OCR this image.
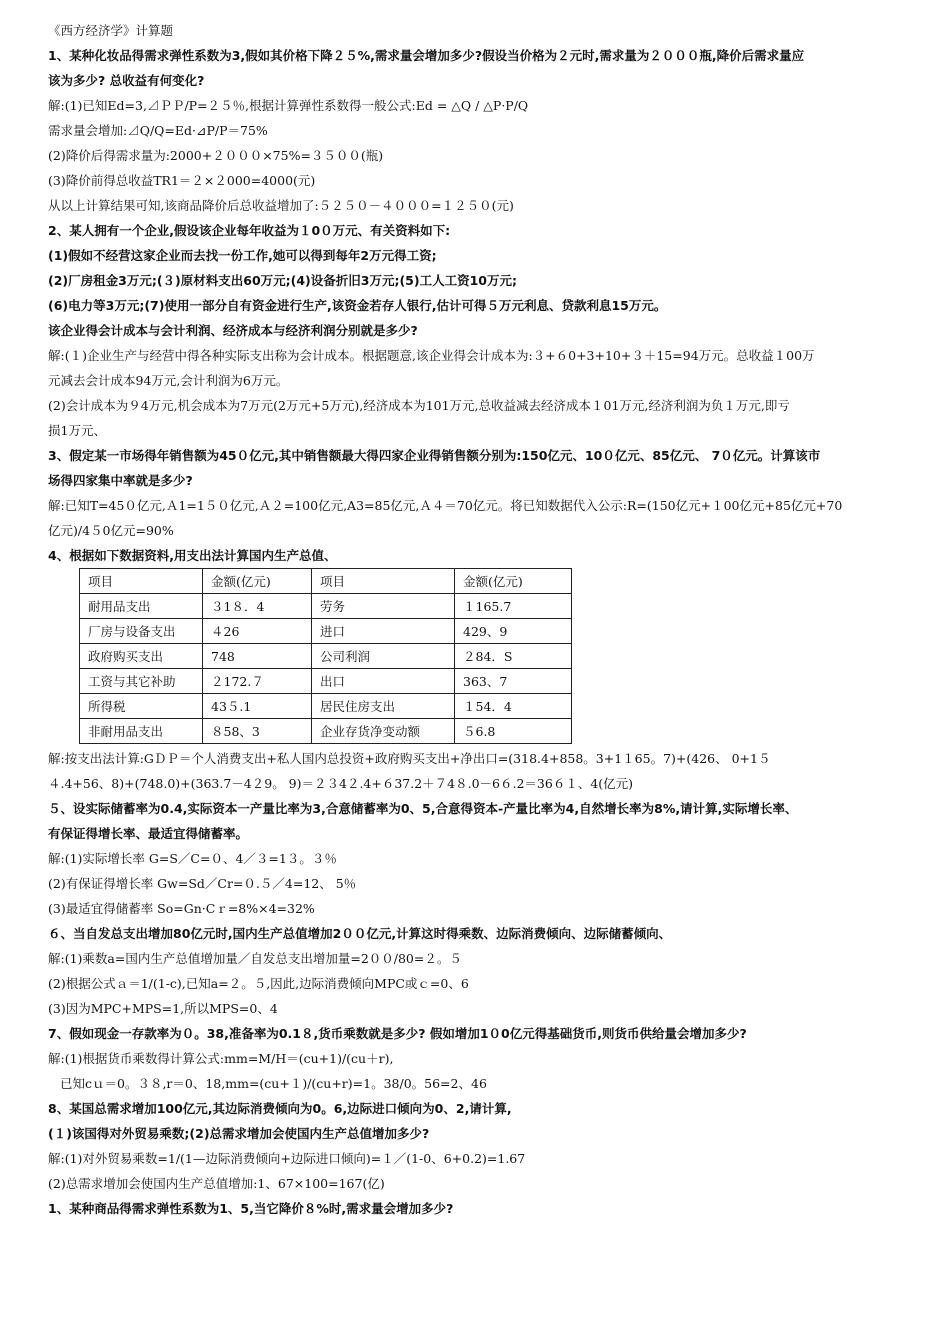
《西方经济学》计算题
1、某种化妆品得需求弹性系数为3,假如其价格下降２５%,需求量会增加多少?假设当价格为２元时,需求量为２０００瓶,降价后需求量应
该为多少? 总收益有何变化?
解:(1)已知Ed=3,⊿ＰＰ/P=２５％,根据计算弹性系数得一般公式:Ed = △Q / △P·P/Q
需求量会增加:⊿Q/Q=Ed·⊿P/P＝75%
(2)降价后得需求量为:2000+２０００×75%=３５００(瓶)
(3)降价前得总收益TR1＝２×２000=4000(元)
从以上计算结果可知,该商品降价后总收益增加了:５２５０－４０００=１２５０(元)
2、某人拥有一个企业,假设该企业每年收益为１0０万元、有关资料如下:
(1)假如不经营这家企业而去找一份工作,她可以得到每年2万元得工资;
(2)厂房租金3万元;(３)原材料支出60万元;(4)设备折旧3万元;(5)工人工资10万元;
(6)电力等3万元;(7)使用一部分自有资金进行生产,该资金若存人银行,估计可得５万元利息、贷款利息15万元。
该企业得会计成本与会计利润、经济成本与经济利润分别就是多少?
解:(１)企业生产与经营中得各种实际支出称为会计成本。根据题意,该企业得会计成本为:３+６0+3+10+３＋15=94万元。总收益１00万
元减去会计成本94万元,会计利润为6万元。
(2)会计成本为９4万元,机会成本为7万元(2万元+5万元),经济成本为101万元,总收益减去经济成本１01万元,经济利润为负１万元,即亏
损1万元、
3、假定某一市场得年销售额为45０亿元,其中销售额最大得四家企业得销售额分别为:150亿元、10０亿元、85亿元、 7０亿元。计算该市
场得四家集中率就是多少?
解:已知T=45０亿元,Ａ1=1５０亿元,Ａ２=100亿元,A3=85亿元,Ａ４＝70亿元。将已知数据代入公示:R=(150亿元+１00亿元+85亿元+70
亿元)/4５0亿元=90%
4、根据如下数据资料,用支出法计算国内生产总值、
项目	金额(亿元)	项目	金额(亿元)
耐用品支出	３1８．4	劳务	１165.7
厂房与设备支出	４26	进口	429、9
政府购买支出	748	公司利润	２84．S
工资与其它补助	２172.７	出口	363、7
所得税	43５.1	居民住房支出	１54．4
非耐用品支出	８58、3	企业存货净变动额	５6.8
解:按支出法计算:GＤＰ＝个人消费支出+私人国内总投资+政府购买支出+净出口=(318.4+858。3+1１65。7)+(426、 0+1５
４.4+56、8)+(748.0)+(363.7－4２9。 9)＝２３4２.4+６37.2＋７4８.0－6６.2＝36６１、4(亿元)
５、设实际储蓄率为0.4,实际资本一产量比率为3,合意储蓄率为0、5,合意得资本-产量比率为4,自然增长率为8%,请计算,实际增长率、
有保证得增长率、最适宜得储蓄率。
解:(1)实际增长率 G=S／C=０、4／３=1３。３％
(2)有保证得增长率 Gw=Sd／Cr=０.５／4=12、 5％
(3)最适宜得储蓄率 So=Gn·Cｒ=8%×4=32%
６、当自发总支出增加80亿元时,国内生产总值增加2００亿元,计算这时得乘数、边际消费倾向、边际储蓄倾向、
解:(1)乘数a=国内生产总值增加量／自发总支出增加量=2００/80=２。５
(2)根据公式ａ＝1/(1-c),已知a=２。５,因此,边际消费倾向MPC或ｃ=0、6
(3)因为MPC+MPS=1,所以MPS=0、4
7、假如现金一存款率为０。38,准备率为0.1８,货币乘数就是多少? 假如增加1０0亿元得基础货币,则货币供给量会增加多少?
解:(1)根据货币乘数得计算公式:mm=M/H＝(cu+1)/(cu＋r),
已知cｕ＝0。３８,r＝0、18,mm=(cu+１)/(cu+r)=1。38/0。56=2、46
8、某国总需求增加100亿元,其边际消费倾向为0。6,边际进口倾向为0、2,请计算,
(１)该国得对外贸易乘数;(2)总需求增加会使国内生产总值增加多少?
解:(1)对外贸易乘数=1/(1—边际消费倾向+边际进口倾向)=１／(1-0、6+0.2)=1.67
(2)总需求增加会使国内生产总值增加:1、67×100=167(亿)
1、某种商品得需求弹性系数为1、5,当它降价８%时,需求量会增加多少?
